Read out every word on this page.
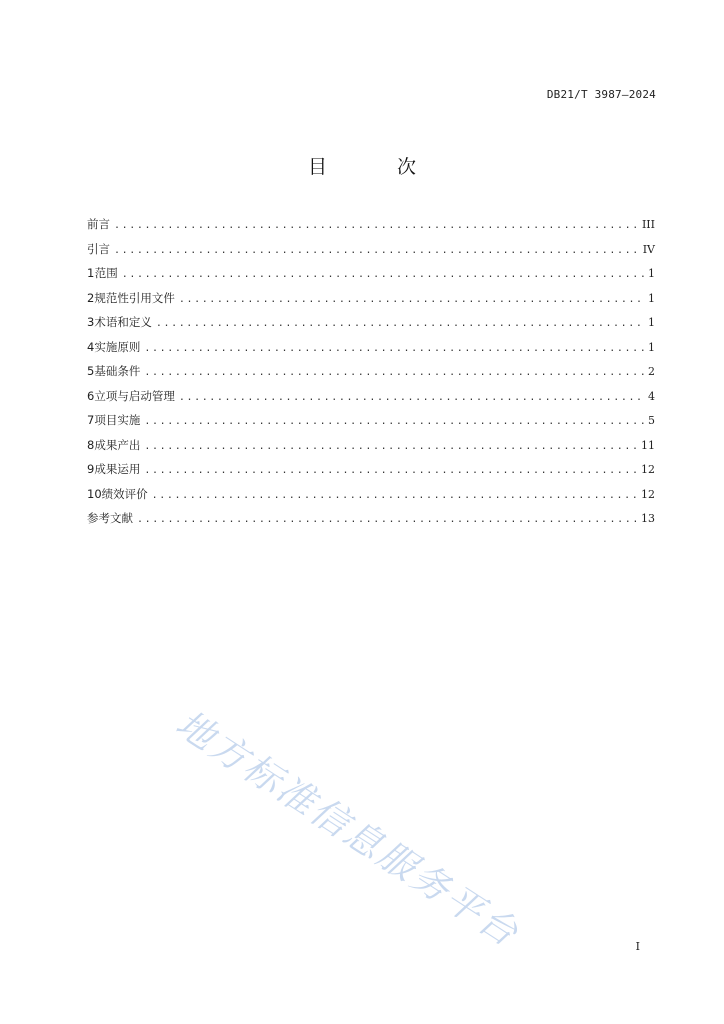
DB21/T 3987—2024
目 次
前言 .....	III
引言 .....	IV
1 范围 .....	1
2 规范性引用文件 .....	1
3 术语和定义 .....	1
4 实施原则 .....	1
5 基础条件 .....	2
6 立项与启动管理 .....	4
7 项目实施 .....	5
8 成果产出 .....	11
9 成果运用 .....	12
10 绩效评价 .....	12
参考文献 .....	13
地方标准信息服务平台	I
